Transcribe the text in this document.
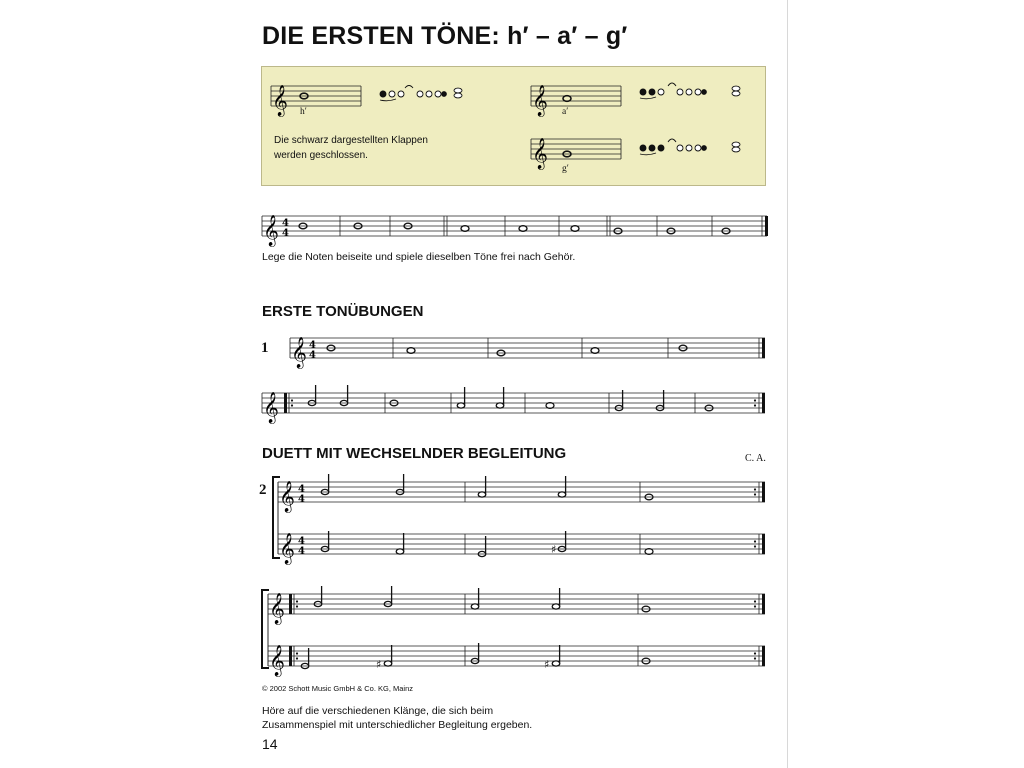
DIE ERSTEN TÖNE: h′ – a′ – g′
Die schwarz dargestellten Klappen
werden geschlossen.
𝄞 h′	𝄞 a′
𝄞 g′
𝄞 4
4
Lege die Noten beiseite und spiele dieselben Töne frei nach Gehör.
ERSTE TONÜBUNGEN
1 𝄞 4
4
𝄞
DUETT MIT WECHSELNDER BEGLEITUNG	C. A.
2 𝄞
𝄞
4
4
4
4	♯
𝄞
𝄞	♯	♯
© 2002 Schott Music GmbH & Co. KG, Mainz
Höre auf die verschiedenen Klänge, die sich beim
Zusammenspiel mit unterschiedlicher Begleitung ergeben.
14
